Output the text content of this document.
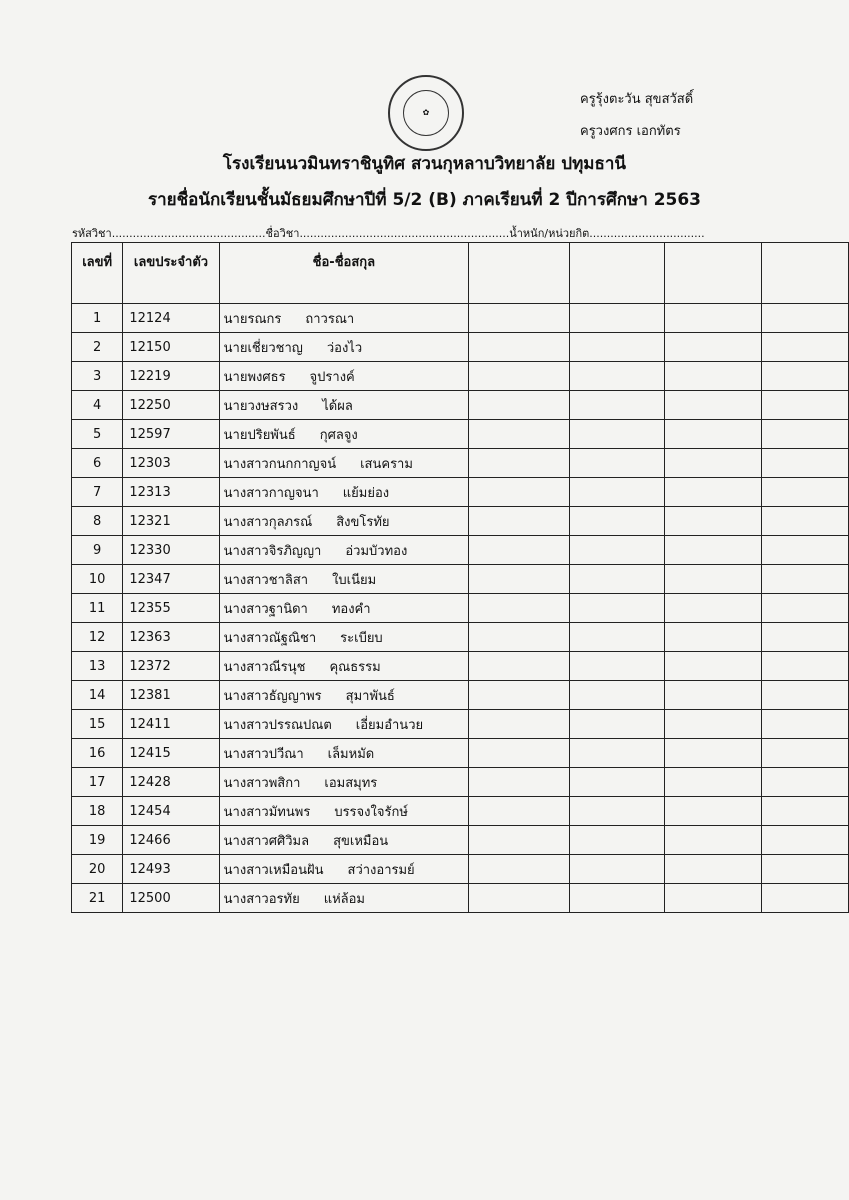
✿
ครูรุ้งตะวัน สุขสวัสดิ์
ครูวงศกร เอกทัตร
โรงเรียนนวมินทราชินูทิศ สวนกุหลาบวิทยาลัย ปทุมธานี
รายชื่อนักเรียนชั้นมัธยมศึกษาปีที่ 5/2 (B) ภาคเรียนที่ 2 ปีการศึกษา 2563
รหัสวิชา............................................ชื่อวิชา............................................................น้ำหนัก/หน่วยกิต.................................
เลขที่	เลขประจำตัว	ชื่อ-ชื่อสกุล				
1	12124	นายรณกร ถาวรณา				
2	12150	นายเชี่ยวชาญ ว่องไว				
3	12219	นายพงศธร จูปรางค์				
4	12250	นายวงษสรวง ได้ผล				
5	12597	นายปริยพันธ์ กุศลจูง				
6	12303	นางสาวกนกกาญจน์ เสนคราม				
7	12313	นางสาวกาญจนา แย้มย่อง				
8	12321	นางสาวกุลภรณ์ สิงขโรทัย				
9	12330	นางสาวจิรภิญญา อ่วมบัวทอง				
10	12347	นางสาวชาลิสา ใบเนียม				
11	12355	นางสาวฐานิดา ทองคำ				
12	12363	นางสาวณัฐณิชา ระเบียบ				
13	12372	นางสาวณีรนุช คุณธรรม				
14	12381	นางสาวธัญญาพร สุมาพันธ์				
15	12411	นางสาวปรรณปณต เอี่ยมอำนวย				
16	12415	นางสาวปวีณา เล็มหมัด				
17	12428	นางสาวพสิกา เอมสมุทร				
18	12454	นางสาวมัทนพร บรรจงใจรักษ์				
19	12466	นางสาวศศิวิมล สุขเหมือน				
20	12493	นางสาวเหมือนฝัน สว่างอารมย์				
21	12500	นางสาวอรทัย แห่ล้อม				
